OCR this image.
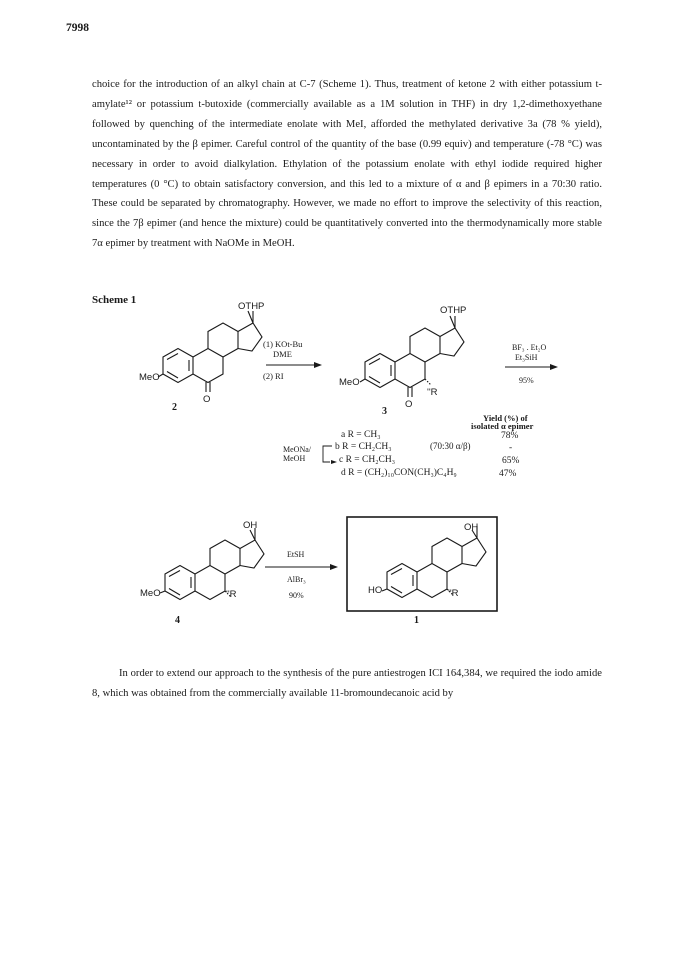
7998
choice for the introduction of an alkyl chain at C-7 (Scheme 1). Thus, treatment of ketone 2 with either potassium t-amylate¹² or potassium t-butoxide (commercially available as a 1M solution in THF) in dry 1,2-dimethoxyethane followed by quenching of the intermediate enolate with MeI, afforded the methylated derivative 3a (78 % yield), uncontaminated by the β epimer. Careful control of the quantity of the base (0.99 equiv) and temperature (-78 °C) was necessary in order to avoid dialkylation. Ethylation of the potassium enolate with ethyl iodide required higher temperatures (0 °C) to obtain satisfactory conversion, and this led to a mixture of α and β epimers in a 70:30 ratio. These could be separated by chromatography. However, we made no effort to improve the selectivity of this reaction, since the 7β epimer (and hence the mixture) could be quantitatively converted into the thermodynamically more stable 7α epimer by treatment with NaOMe in MeOH.
Scheme 1
OTHP
MeO
O
2
(1) KOt-Bu
DME
(2) RI
OTHP
MeO
O
''R
3
BF₃ . Et₂O
Et₃SiH
95%
Yield (%) of
isolated α epimer
a R = CH₃	78%
MeONa/
MeOH
b R = CH₂CH₃	(70:30 α/β)	-
c R = CH₂CH₃	65%
d R = (CH₂)₁₀CON(CH₃)C₄H₉	47%
OH
MeO	''R
4
EtSH
AlBr₃
90%
OH
HO	''R
1
In order to extend our approach to the synthesis of the pure antiestrogen ICI 164,384, we required the iodo amide 8, which was obtained from the commercially available 11-bromoundecanoic acid by
